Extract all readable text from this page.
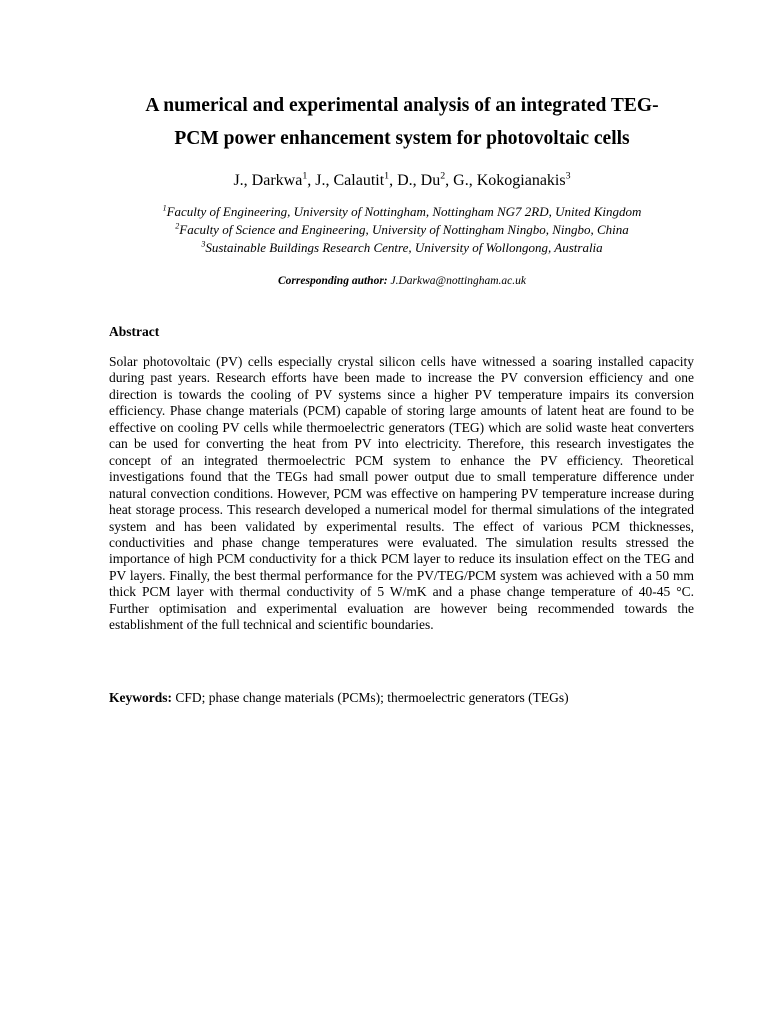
A numerical and experimental analysis of an integrated TEG-
PCM power enhancement system for photovoltaic cells
J., Darkwa$^1$, J., Calautit$^1$, D., Du$^2$, G., Kokogianakis$^3$
$^1$Faculty of Engineering, University of Nottingham, Nottingham NG7 2RD, United Kingdom
$^2$Faculty of Science and Engineering, University of Nottingham Ningbo, Ningbo, China
$^3$Sustainable Buildings Research Centre, University of Wollongong, Australia
Corresponding author: J.Darkwa@nottingham.ac.uk
Abstract

Solar photovoltaic (PV) cells especially crystal silicon cells have witnessed a soaring installed capacity during past years. Research efforts have been made to increase the PV conversion efficiency and one direction is towards the cooling of PV systems since a higher PV temperature impairs its conversion efficiency. Phase change materials (PCM) capable of storing large amounts of latent heat are found to be effective on cooling PV cells while thermoelectric generators (TEG) which are solid waste heat converters can be used for converting the heat from PV into electricity. Therefore, this research investigates the concept of an integrated thermoelectric PCM system to enhance the PV efficiency. Theoretical investigations found that the TEGs had small power output due to small temperature difference under natural convection conditions. However, PCM was effective on hampering PV temperature increase during heat storage process. This research developed a numerical model for thermal simulations of the integrated system and has been validated by experimental results. The effect of various PCM thicknesses, conductivities and phase change temperatures were evaluated. The simulation results stressed the importance of high PCM conductivity for a thick PCM layer to reduce its insulation effect on the TEG and PV layers. Finally, the best thermal performance for the PV/TEG/PCM system was achieved with a 50 mm thick PCM layer with thermal conductivity of 5 W/mK and a phase change temperature of 40-45 °C. Further optimisation and experimental evaluation are however being recommended towards the establishment of the full technical and scientific boundaries.

Keywords: CFD; phase change materials (PCMs); thermoelectric generators (TEGs)
